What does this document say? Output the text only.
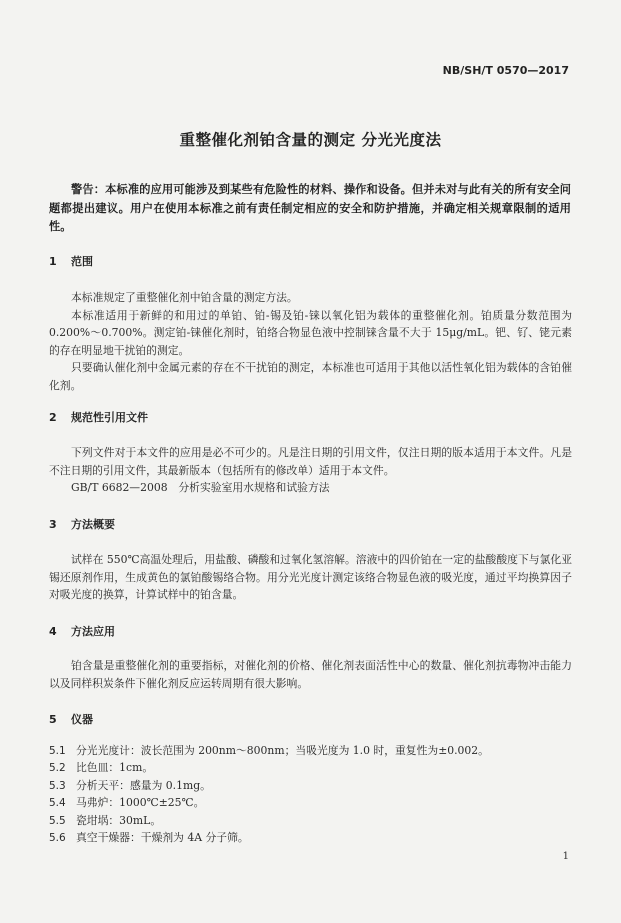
NB/SH/T 0570—2017
重整催化剂铂含量的测定 分光光度法

警告：本标准的应用可能涉及到某些有危险性的材料、操作和设备。但并未对与此有关的所有安全问题都提出建议。用户在使用本标准之前有责任制定相应的安全和防护措施，并确定相关规章限制的适用性。

1 范围

本标准规定了重整催化剂中铂含量的测定方法。

本标准适用于新鲜的和用过的单铂、铂-锡及铂-铼以氧化铝为载体的重整催化剂。铂质量分数范围为 0.200%～0.700%。测定铂-铼催化剂时，铂络合物显色液中控制铼含量不大于 15μg/mL。钯、钌、铑元素的存在明显地干扰铂的测定。

只要确认催化剂中金属元素的存在不干扰铂的测定，本标准也可适用于其他以活性氧化铝为载体的含铂催化剂。

2 规范性引用文件

下列文件对于本文件的应用是必不可少的。凡是注日期的引用文件，仅注日期的版本适用于本文件。凡是不注日期的引用文件，其最新版本（包括所有的修改单）适用于本文件。

GB/T 6682—2008　分析实验室用水规格和试验方法

3 方法概要

试样在 550℃高温处理后，用盐酸、磷酸和过氧化氢溶解。溶液中的四价铂在一定的盐酸酸度下与氯化亚锡还原剂作用，生成黄色的氯铂酸锡络合物。用分光光度计测定该络合物显色液的吸光度，通过平均换算因子对吸光度的换算，计算试样中的铂含量。

4 方法应用

铂含量是重整催化剂的重要指标，对催化剂的价格、催化剂表面活性中心的数量、催化剂抗毒物冲击能力以及同样积炭条件下催化剂反应运转周期有很大影响。

5 仪器
5.1 分光光度计：波长范围为 200nm～800nm；当吸光度为 1.0 时，重复性为±0.002。
5.2 比色皿：1cm。
5.3 分析天平：感量为 0.1mg。
5.4 马弗炉：1000℃±25℃。
5.5 瓷坩埚：30mL。
5.6 真空干燥器：干燥剂为 4A 分子筛。
1
